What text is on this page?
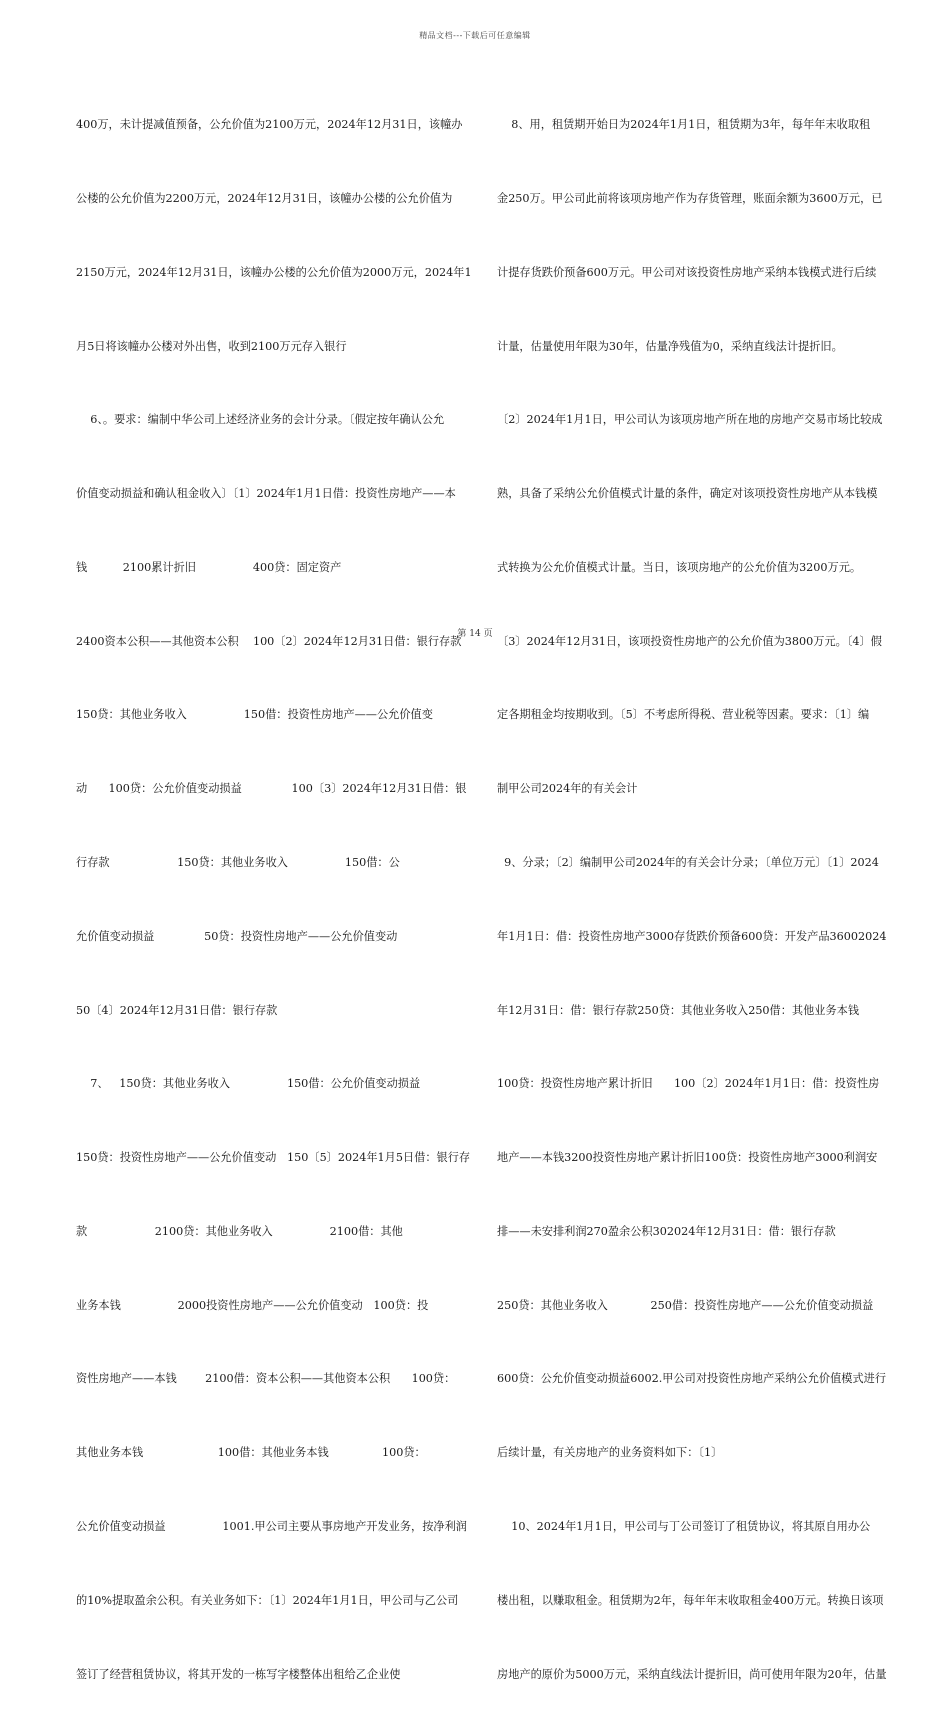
精品文档---下载后可任意编辑

400万，未计提减值预备，公允价值为2100万元，2024年12月31日，该幢办

公楼的公允价值为2200万元，2024年12月31日，该幢办公楼的公允价值为

2150万元，2024年12月31日，该幢办公楼的公允价值为2000万元，2024年1

月5日将该幢办公楼对外出售，收到2100万元存入银行

6、。要求：编制中华公司上述经济业务的会计分录。〔假定按年确认公允

价值变动损益和确认租金收入〕〔1〕2024年1月1日借：投资性房地产——本

钱          2100累计折旧                400贷：固定资产

2400资本公积——其他资本公积    100〔2〕2024年12月31日借：银行存款

150贷：其他业务收入                150借：投资性房地产——公允价值变

动      100贷：公允价值变动损益              100〔3〕2024年12月31日借：银

行存款                   150贷：其他业务收入                150借：公

允价值变动损益              50贷：投资性房地产——公允价值变动

50〔4〕2024年12月31日借：银行存款

7、   150贷：其他业务收入                150借：公允价值变动损益

150贷：投资性房地产——公允价值变动   150〔5〕2024年1月5日借：银行存

款                   2100贷：其他业务收入                2100借：其他

业务本钱                2000投资性房地产——公允价值变动   100贷：投

资性房地产——本钱        2100借：资本公积——其他资本公积      100贷：

其他业务本钱                     100借：其他业务本钱               100贷：

公允价值变动损益                1001.甲公司主要从事房地产开发业务，按净利润

的10%提取盈余公积。有关业务如下：〔1〕2024年1月1日，甲公司与乙公司

签订了经营租赁协议，将其开发的一栋写字楼整体出租给乙企业使

8、用，租赁期开始日为2024年1月1日，租赁期为3年，每年年末收取租

金250万。甲公司此前将该项房地产作为存货管理，账面余额为3600万元，已

计提存货跌价预备600万元。甲公司对该投资性房地产采纳本钱模式进行后续

计量，估量使用年限为30年，估量净残值为0，采纳直线法计提折旧。

〔2〕2024年1月1日，甲公司认为该项房地产所在地的房地产交易市场比较成

熟，具备了采纳公允价值模式计量的条件，确定对该项投资性房地产从本钱模

式转换为公允价值模式计量。当日，该项房地产的公允价值为3200万元。

〔3〕2024年12月31日，该项投资性房地产的公允价值为3800万元。〔4〕假

定各期租金均按期收到。〔5〕不考虑所得税、营业税等因素。要求：〔1〕编

制甲公司2024年的有关会计

9、分录；〔2〕编制甲公司2024年的有关会计分录；〔单位万元〕〔1〕2024

年1月1日：借：投资性房地产3000存货跌价预备600贷：开发产品36002024

年12月31日：借：银行存款250贷：其他业务收入250借：其他业务本钱

100贷：投资性房地产累计折旧      100〔2〕2024年1月1日：借：投资性房

地产——本钱3200投资性房地产累计折旧100贷：投资性房地产3000利润安

排——未安排利润270盈余公积302024年12月31日：借：银行存款

250贷：其他业务收入            250借：投资性房地产——公允价值变动损益

600贷：公允价值变动损益6002.甲公司对投资性房地产采纳公允价值模式进行

后续计量，有关房地产的业务资料如下：〔1〕

10、2024年1月1日，甲公司与丁公司签订了租赁协议，将其原自用办公

楼出租，以赚取租金。租赁期为2年，每年年末收取租金400万元。转换日该项

房地产的原价为5000万元，采纳直线法计提折旧，尚可使用年限为20年，估量

第 14 页
